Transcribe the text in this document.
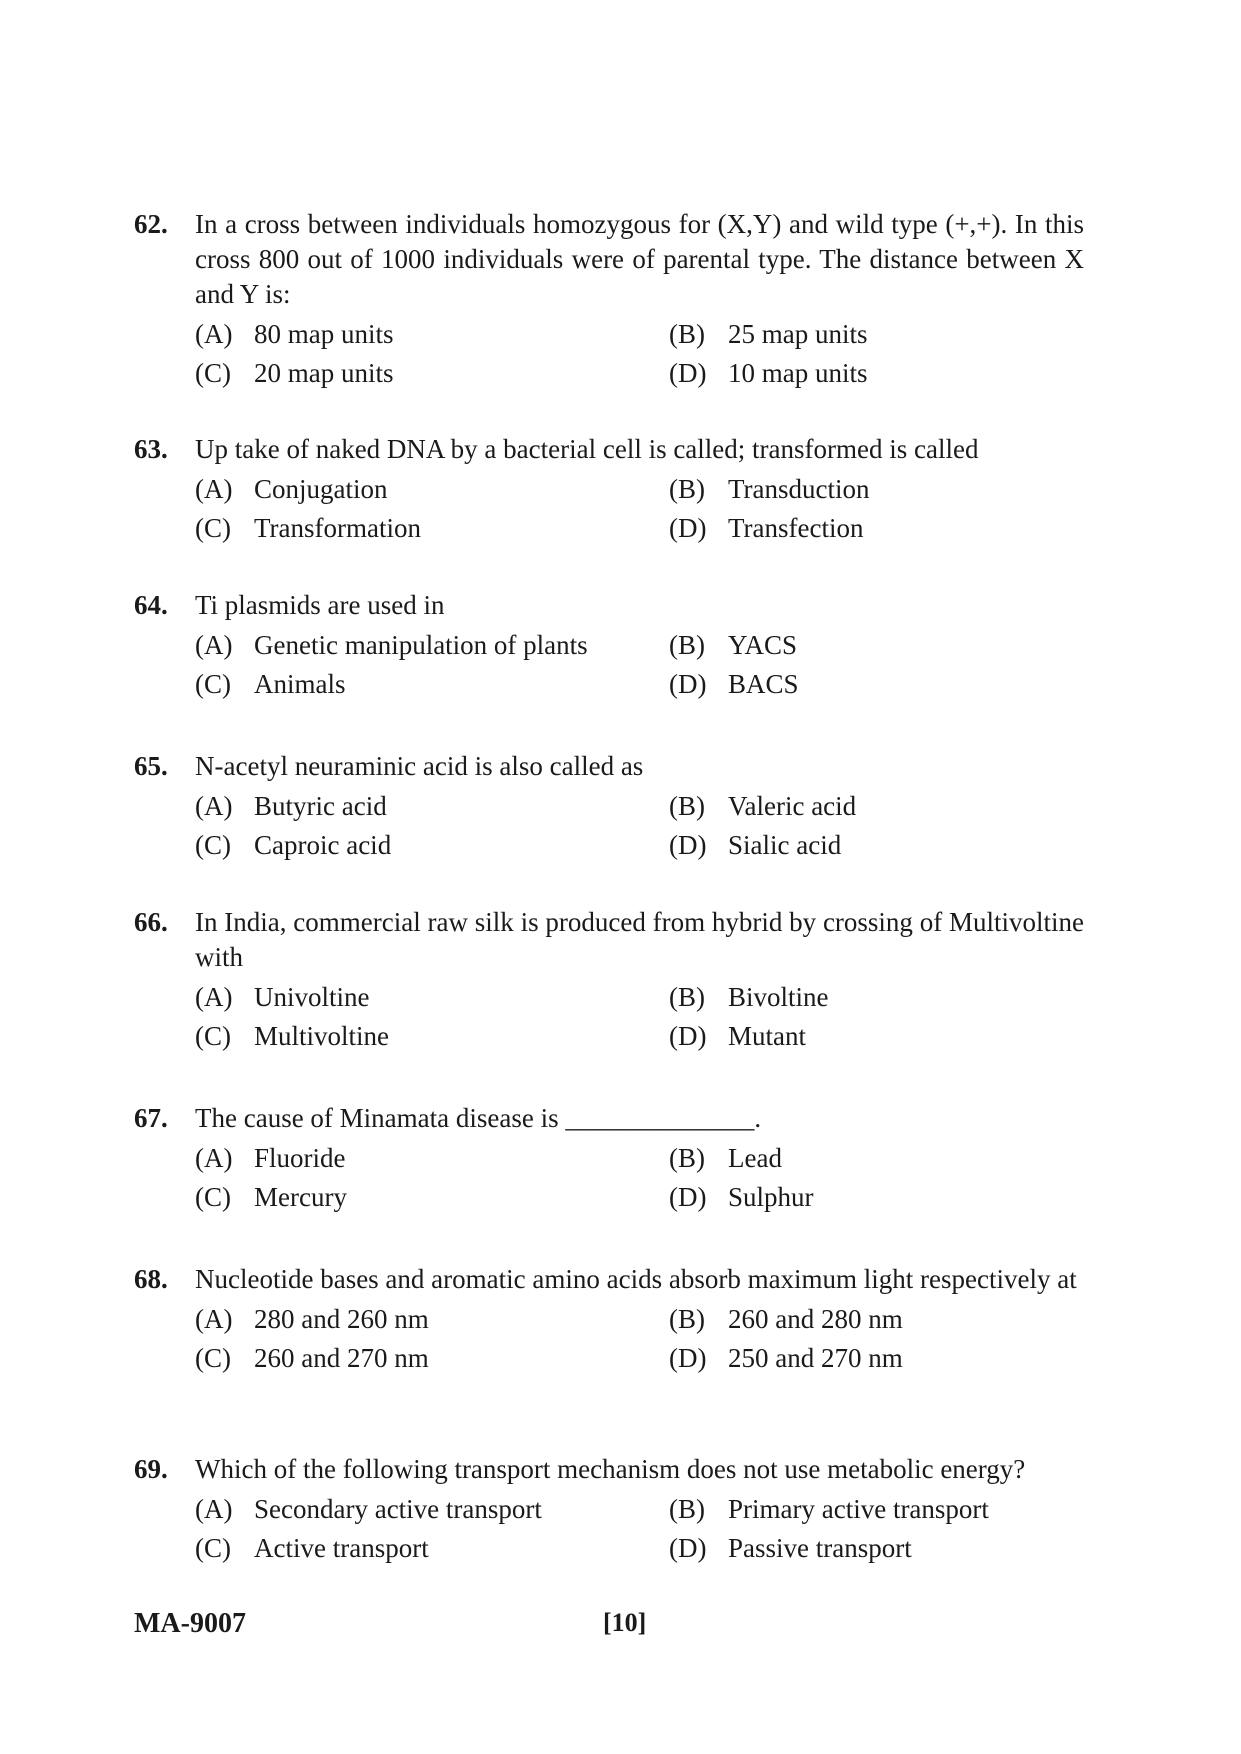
62. In a cross between individuals homozygous for (X,Y) and wild type (+,+). In this cross 800 out of 1000 individuals were of parental type. The distance between X and Y is:
(A) 80 map units	(B) 25 map units
(C) 20 map units	(D) 10 map units
63. Up take of naked DNA by a bacterial cell is called; transformed is called
(A) Conjugation	(B) Transduction
(C) Transformation	(D) Transfection
64. Ti plasmids are used in
(A) Genetic manipulation of plants	(B) YACS
(C) Animals	(D) BACS
65. N-acetyl neuraminic acid is also called as
(A) Butyric acid	(B) Valeric acid
(C) Caproic acid	(D) Sialic acid
66. In India, commercial raw silk is produced from hybrid by crossing of Multivoltine with
(A) Univoltine	(B) Bivoltine
(C) Multivoltine	(D) Mutant
67. The cause of Minamata disease is ______________.
(A) Fluoride	(B) Lead
(C) Mercury	(D) Sulphur
68. Nucleotide bases and aromatic amino acids absorb maximum light respectively at
(A) 280 and 260 nm	(B) 260 and 280 nm
(C) 260 and 270 nm	(D) 250 and 270 nm
69. Which of the following transport mechanism does not use metabolic energy?
(A) Secondary active transport	(B) Primary active transport
(C) Active transport	(D) Passive transport
MA-9007	[10]
